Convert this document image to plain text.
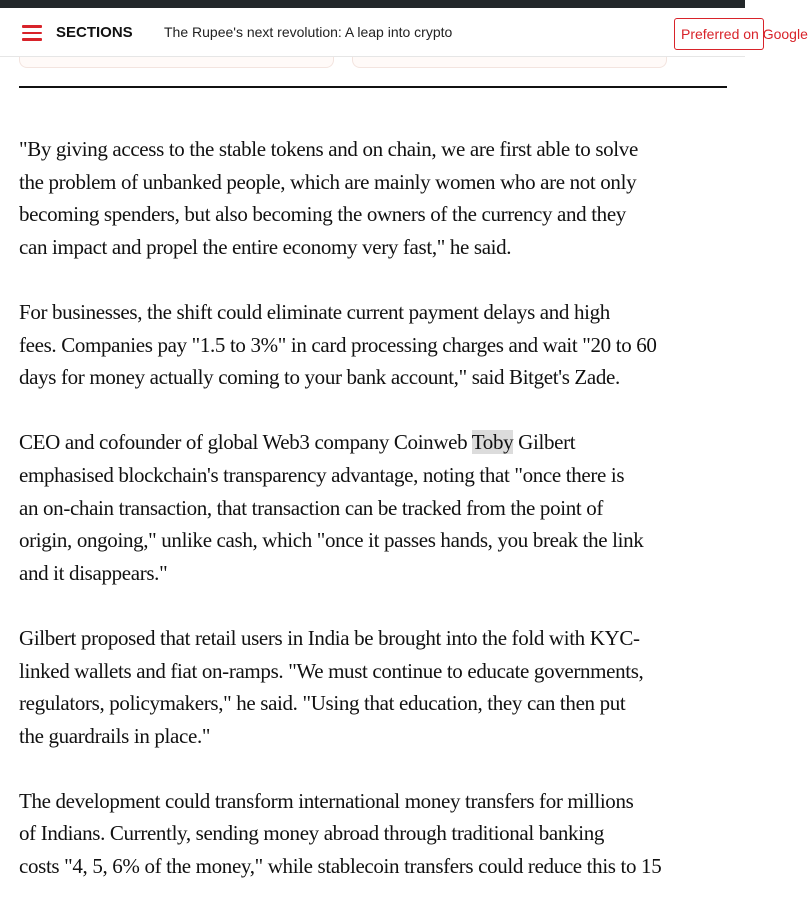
SECTIONS The Rupee's next revolution: A leap into crypto	Preferred on Google

"By giving access to the stable tokens and on chain, we are first able to solve
the problem of unbanked people, which are mainly women who are not only
becoming spenders, but also becoming the owners of the currency and they
can impact and propel the entire economy very fast," he said.

For businesses, the shift could eliminate current payment delays and high
fees. Companies pay "1.5 to 3%" in card processing charges and wait "20 to 60
days for money actually coming to your bank account," said Bitget's Zade.

CEO and cofounder of global Web3 company Coinweb Toby Gilbert
emphasised blockchain's transparency advantage, noting that "once there is
an on-chain transaction, that transaction can be tracked from the point of
origin, ongoing," unlike cash, which "once it passes hands, you break the link
and it disappears."

Gilbert proposed that retail users in India be brought into the fold with KYC-
linked wallets and fiat on-ramps. "We must continue to educate governments,
regulators, policymakers," he said. "Using that education, they can then put
the guardrails in place."

The development could transform international money transfers for millions
of Indians. Currently, sending money abroad through traditional banking
costs "4, 5, 6% of the money," while stablecoin transfers could reduce this to 15
